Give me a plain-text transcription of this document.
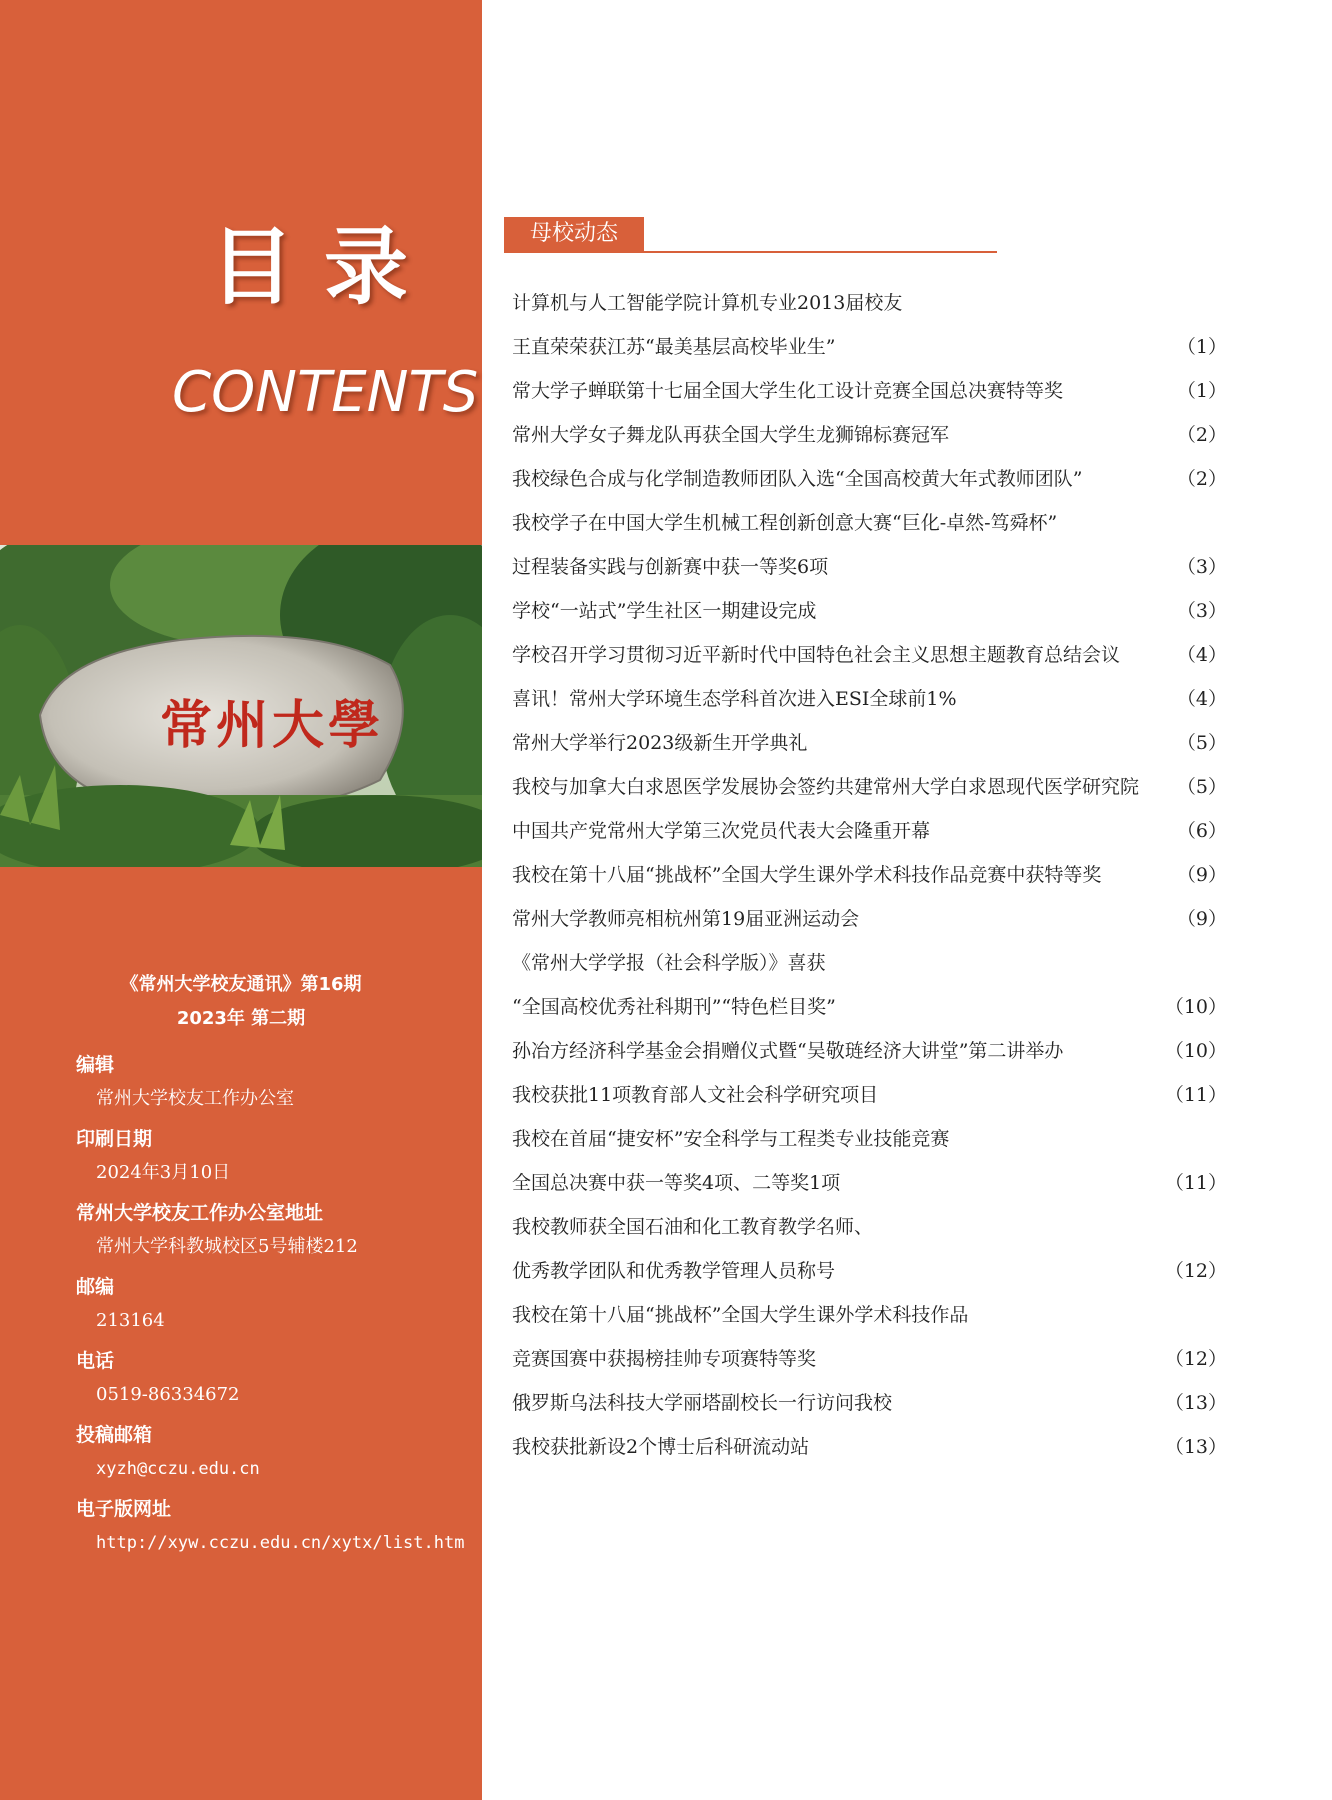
目录
CONTENTS
常州大學
《常州大学校友通讯》第16期
2023年 第二期
编辑
常州大学校友工作办公室
印刷日期
2024年3月10日
常州大学校友工作办公室地址
常州大学科教城校区5号辅楼212
邮编
213164
电话
0519-86334672
投稿邮箱
xyzh@cczu.edu.cn
电子版网址
http://xyw.cczu.edu.cn/xytx/list.htm
母校动态
计算机与人工智能学院计算机专业2013届校友
王直荣荣获江苏“最美基层高校毕业生”	（1）
常大学子蝉联第十七届全国大学生化工设计竞赛全国总决赛特等奖	（1）
常州大学女子舞龙队再获全国大学生龙狮锦标赛冠军	（2）
我校绿色合成与化学制造教师团队入选“全国高校黄大年式教师团队”	（2）
我校学子在中国大学生机械工程创新创意大赛“巨化-卓然-笃舜杯”
过程装备实践与创新赛中获一等奖6项	（3）
学校“一站式”学生社区一期建设完成	（3）
学校召开学习贯彻习近平新时代中国特色社会主义思想主题教育总结会议	（4）
喜讯！常州大学环境生态学科首次进入ESI全球前1%	（4）
常州大学举行2023级新生开学典礼	（5）
我校与加拿大白求恩医学发展协会签约共建常州大学白求恩现代医学研究院 （5）
中国共产党常州大学第三次党员代表大会隆重开幕	（6）
我校在第十八届“挑战杯”全国大学生课外学术科技作品竞赛中获特等奖	（9）
常州大学教师亮相杭州第19届亚洲运动会	（9）
《常州大学学报（社会科学版）》喜获
“全国高校优秀社科期刊”“特色栏目奖”	（10）
孙冶方经济科学基金会捐赠仪式暨“吴敬琏经济大讲堂”第二讲举办	（10）
我校获批11项教育部人文社会科学研究项目	（11）
我校在首届“捷安杯”安全科学与工程类专业技能竞赛
全国总决赛中获一等奖4项、二等奖1项	（11）
我校教师获全国石油和化工教育教学名师、
优秀教学团队和优秀教学管理人员称号	（12）
我校在第十八届“挑战杯”全国大学生课外学术科技作品
竞赛国赛中获揭榜挂帅专项赛特等奖	（12）
俄罗斯乌法科技大学丽塔副校长一行访问我校	（13）
我校获批新设2个博士后科研流动站	（13）
